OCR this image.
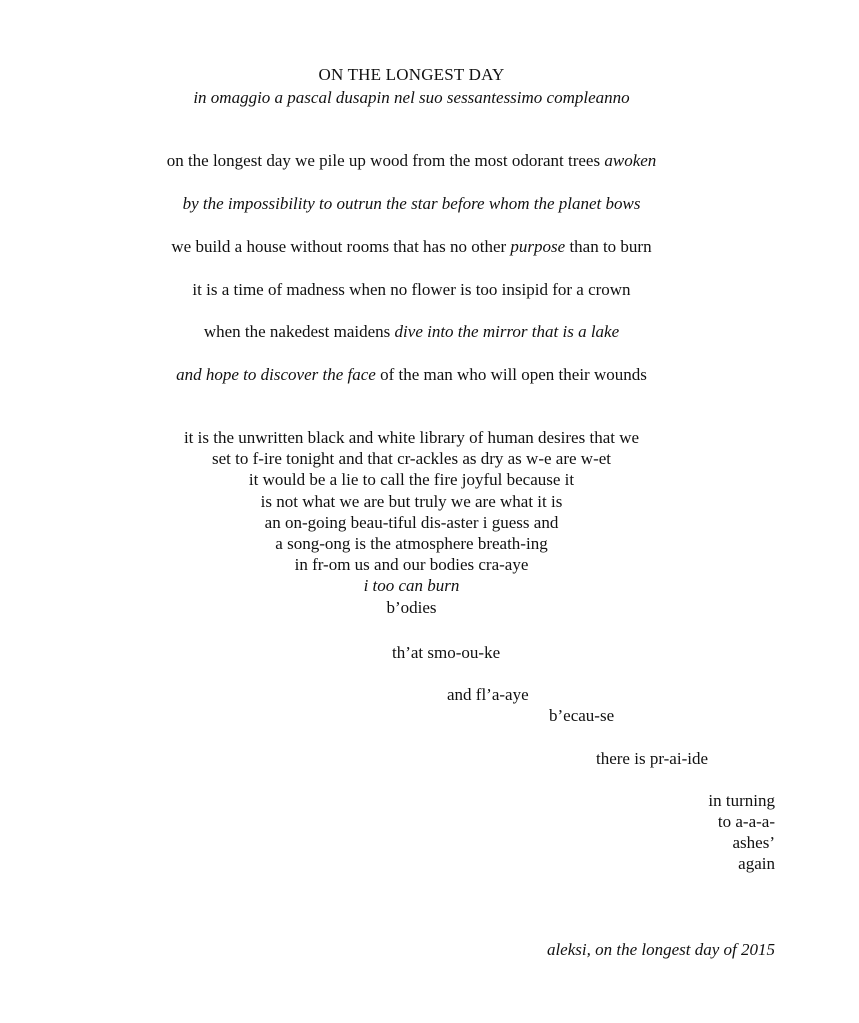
ON THE LONGEST DAY
in omaggio a pascal dusapin nel suo sessantessimo compleanno
on the longest day we pile up wood from the most odorant trees awoken
by the impossibility to outrun the star before whom the planet bows
we build a house without rooms that has no other purpose than to burn
it is a time of madness when no flower is too insipid for a crown
when the nakedest maidens dive into the mirror that is a lake
and hope to discover the face of the man who will open their wounds
it is the unwritten black and white library of human desires that we
set to f-ire tonight and that cr-ackles as dry as w-e are w-et
it would be a lie to call the fire joyful because it
is not what we are but truly we are what it is
an on-going beau-tiful dis-aster i guess and
a song-ong is the atmosphere breath-ing
in fr-om us and our bodies cra-aye
i too can burn
b’odies
th’at smo-ou-ke
and fl’a-aye
b’ecau-se
there is pr-ai-ide
in turning
to a-a-a-
ashes’
again
aleksi, on the longest day of 2015
